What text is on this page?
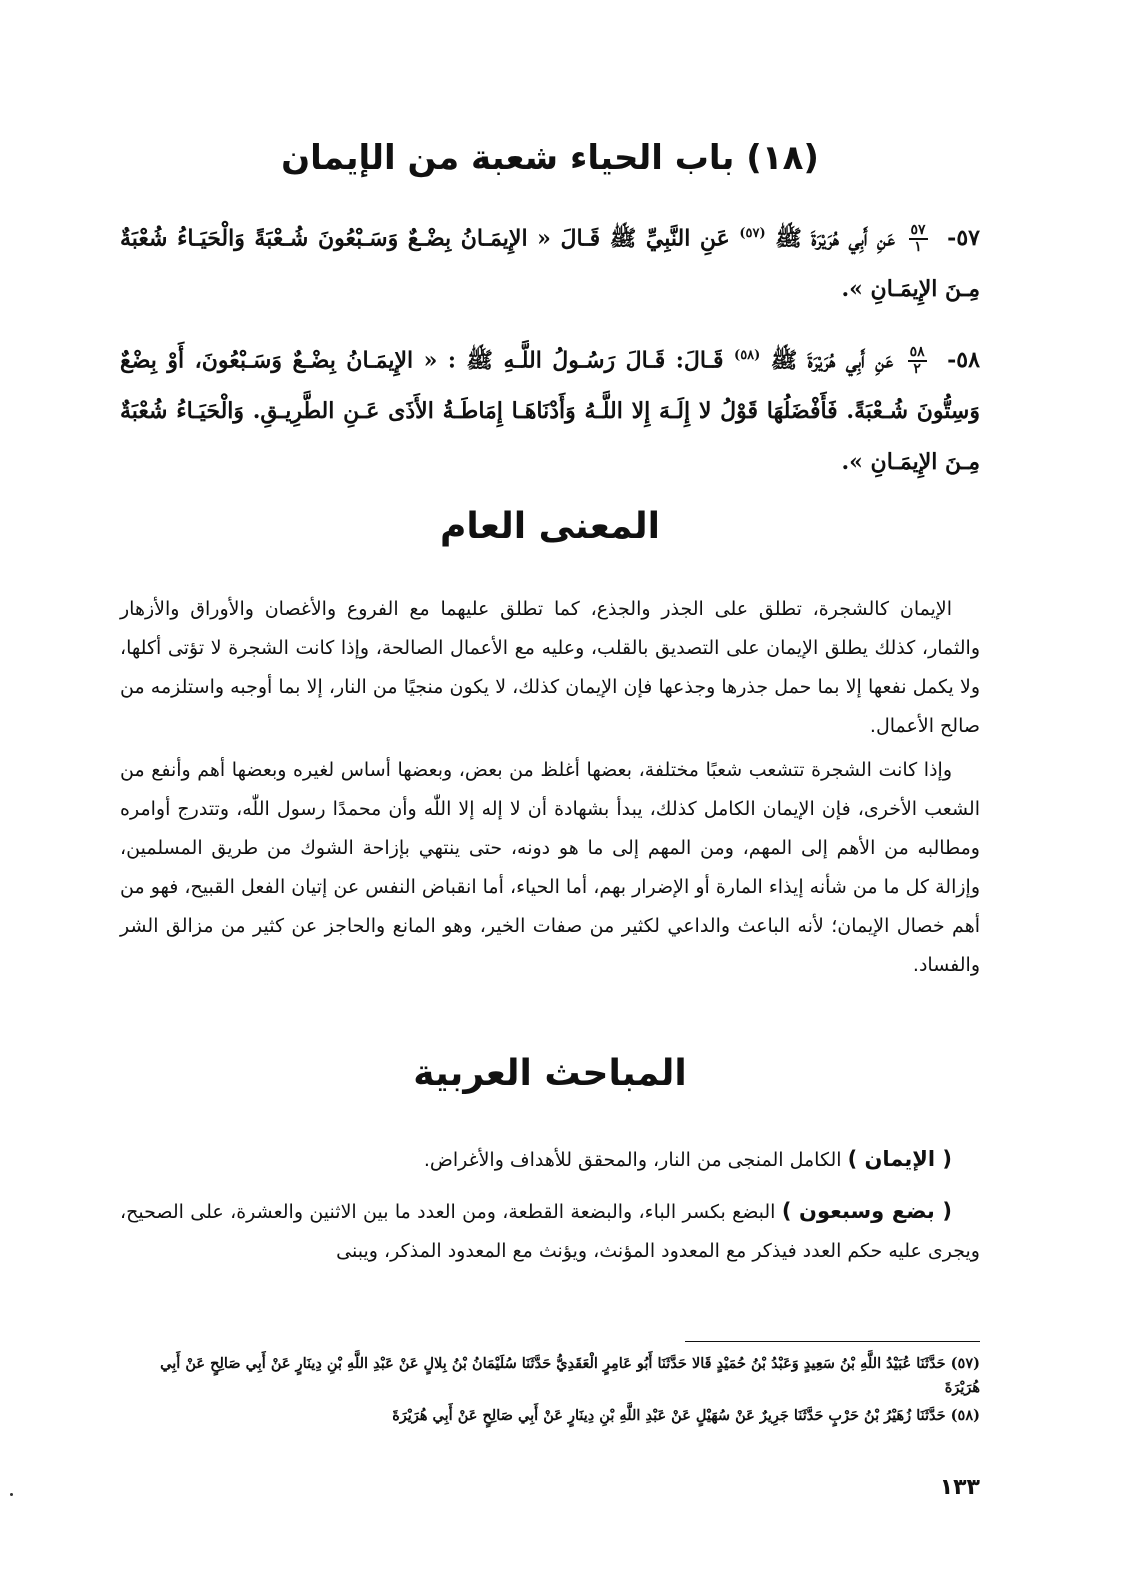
(١٨) باب الحياء شعبة من الإيمان
٥٧-
$\frac{٥٧}{١}$
عَنِ أَبِي هُرَيْرَةَ ﷺ $^{(٥٧)}$ عَنِ النَّبِيِّ ﷺ قَـالَ « الإِيمَـانُ بِضْـعٌ وَسَـبْعُونَ شُـعْبَةً وَالْحَيَـاءُ شُعْبَةٌ مِـنَ الإِيمَـانِ ».
٥٨-
$\frac{٥٨}{٢}$
عَنِ أَبِي هُرَيْرَةَ ﷺ $^{(٥٨)}$ قَـالَ: قَـالَ رَسُـولُ اللَّـهِ ﷺ : « الإِيمَـانُ بِضْـعٌ وَسَـبْعُونَ، أَوْ بِضْعٌ وَسِتُّونَ شُـعْبَةً. فَأَفْضَلُهَا قَوْلُ لا إِلَـهَ إِلا اللَّـهُ وَأَدْنَاهَـا إِمَاطَـةُ الأَذَى عَـنِ الطَّرِيـقِ. وَالْحَيَـاءُ شُعْبَةٌ مِـنَ الإِيمَـانِ ».
المعنى العام

الإيمان كالشجرة، تطلق على الجذر والجذع، كما تطلق عليهما مع الفروع والأغصان والأوراق والأزهار والثمار، كذلك يطلق الإيمان على التصديق بالقلب، وعليه مع الأعمال الصالحة، وإذا كانت الشجرة لا تؤتى أكلها، ولا يكمل نفعها إلا بما حمل جذرها وجذعها فإن الإيمان كذلك، لا يكون منجيًا من النار، إلا بما أوجبه واستلزمه من صالح الأعمال.

وإذا كانت الشجرة تتشعب شعبًا مختلفة، بعضها أغلظ من بعض، وبعضها أساس لغيره وبعضها أهم وأنفع من الشعب الأخرى، فإن الإيمان الكامل كذلك، يبدأ بشهادة أن لا إله إلا اللّٰه وأن محمدًا رسول اللّٰه، وتتدرج أوامره ومطالبه من الأهم إلى المهم، ومن المهم إلى ما هو دونه، حتى ينتهي بإزاحة الشوك من طريق المسلمين، وإزالة كل ما من شأنه إيذاء المارة أو الإضرار بهم، أما الحياء، أما انقباض النفس عن إتيان الفعل القبيح، فهو من أهم خصال الإيمان؛ لأنه الباعث والداعي لكثير من صفات الخير، وهو المانع والحاجز عن كثير من مزالق الشر والفساد.

المباحث العربية

( الإيمان ) الكامل المنجى من النار، والمحقق للأهداف والأغراض.

( بضع وسبعون ) البضع بكسر الباء، والبضعة القطعة، ومن العدد ما بين الاثنين والعشرة، على الصحيح، ويجرى عليه حكم العدد فيذكر مع المعدود المؤنث، ويؤنث مع المعدود المذكر، ويبنى

(٥٧) حَدَّثَنَا عُبَيْدُ اللَّهِ بْنُ سَعِيدٍ وَعَبْدُ بْنُ حُمَيْدٍ قَالا حَدَّثَنَا أَبُو عَامِرٍ الْعَقَدِيُّ حَدَّثَنَا سُلَيْمَانُ بْنُ بِلالٍ عَنْ عَبْدِ اللَّهِ بْنِ دِينَارٍ عَنْ أَبِي صَالِحٍ عَنْ أَبِي هُرَيْرَةَ

(٥٨) حَدَّثَنَا زُهَيْرُ بْنُ حَرْبٍ حَدَّثَنَا جَرِيرٌ عَنْ سُهَيْلٍ عَنْ عَبْدِ اللَّهِ بْنِ دِينَارٍ عَنْ أَبِي صَالِحٍ عَنْ أَبِي هُرَيْرَةَ

١٣٣
